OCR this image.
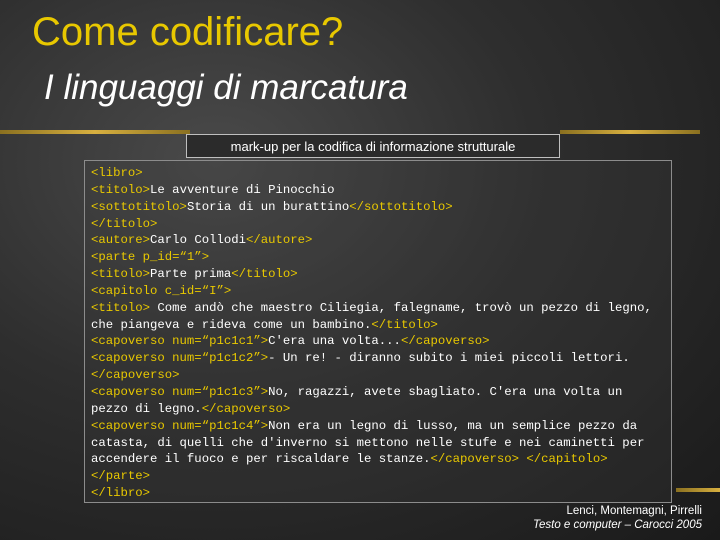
Come codificare?
I linguaggi di marcatura
mark-up per la codifica di informazione strutturale
<libro>
<titolo>Le avventure di Pinocchio
<sottotitolo>Storia di un burattino</sottotitolo>
</titolo>
<autore>Carlo Collodi</autore>
<parte p_id=“1”>
<titolo>Parte prima</titolo>
<capitolo c_id=“I”>
<titolo> Come andò che maestro Ciliegia, falegname, trovò un pezzo di legno, che piangeva e rideva come un bambino.</titolo>
<capoverso num=“p1c1c1”>C'era una volta...</capoverso>
<capoverso num=“p1c1c2”>- Un re! - diranno subito i miei piccoli lettori.</capoverso>
<capoverso num=“p1c1c3”>No, ragazzi, avete sbagliato. C'era una volta un pezzo di legno.</capoverso>
<capoverso num=“p1c1c4”>Non era un legno di lusso, ma un semplice pezzo da catasta, di quelli che d'inverno si mettono nelle stufe e nei caminetti per accendere il fuoco e per riscaldare le stanze.</capoverso> </capitolo></parte>
</libro>
Lenci, Montemagni, Pirrelli
Testo e computer – Carocci 2005
